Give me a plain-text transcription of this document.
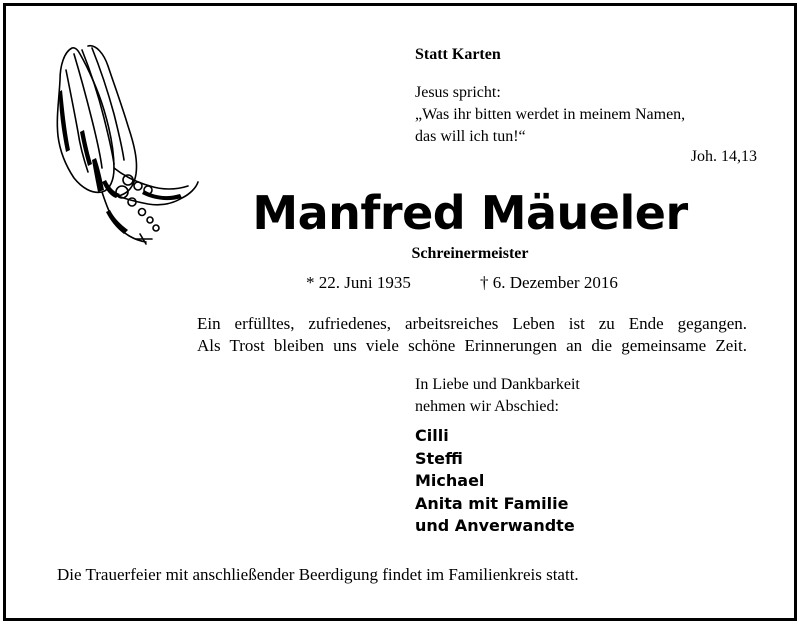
Statt Karten
Jesus spricht:
„Was ihr bitten werdet in meinem Namen,
das will ich tun!“
Joh. 14,13
Manfred Mäueler
Schreinermeister
* 22. Juni 1935	† 6. Dezember 2016
Ein erfülltes, zufriedenes, arbeitsreiches Leben ist zu Ende gegangen.
Als Trost bleiben uns viele schöne Erinnerungen an die gemeinsame Zeit.
In Liebe und Dankbarkeit
nehmen wir Abschied:
Cilli
Steffi
Michael
Anita mit Familie
und Anverwandte
Die Trauerfeier mit anschließender Beerdigung findet im Familienkreis statt.
